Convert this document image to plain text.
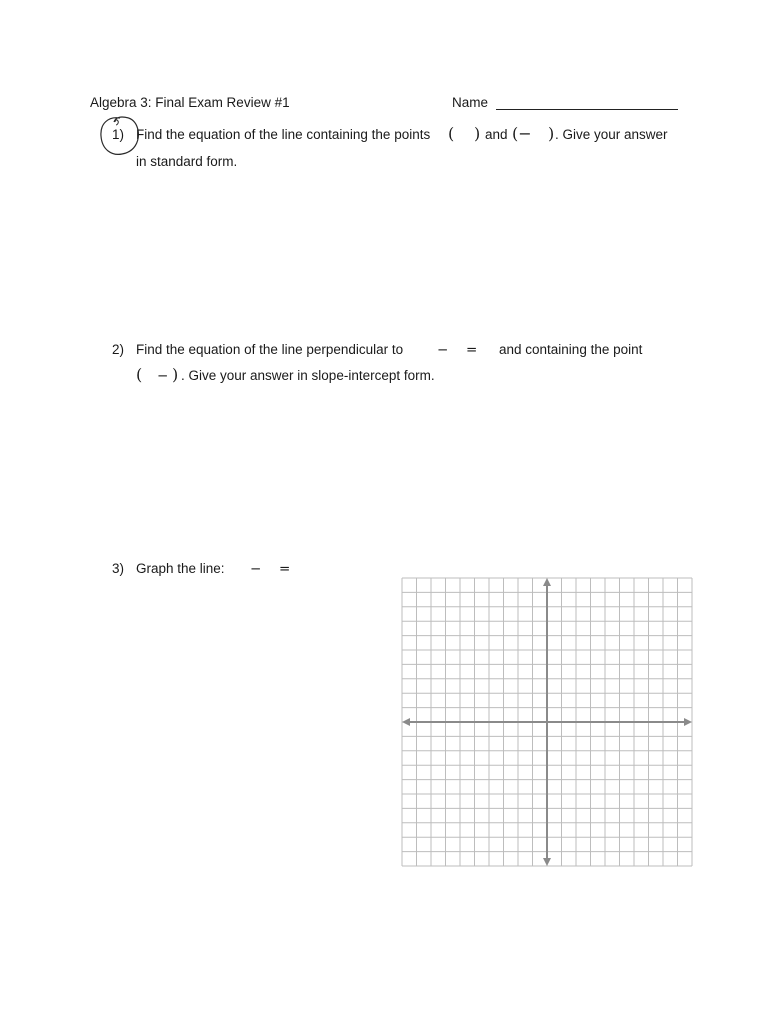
Algebra 3: Final Exam Review #1	Name
1) Find the equation of the line containing the points ( ) and (− ) . Give your answer
in standard form.
2) Find the equation of the line perpendicular to	− = and containing the point
( − ) . Give your answer in slope-intercept form.
3) Graph the line: − =
